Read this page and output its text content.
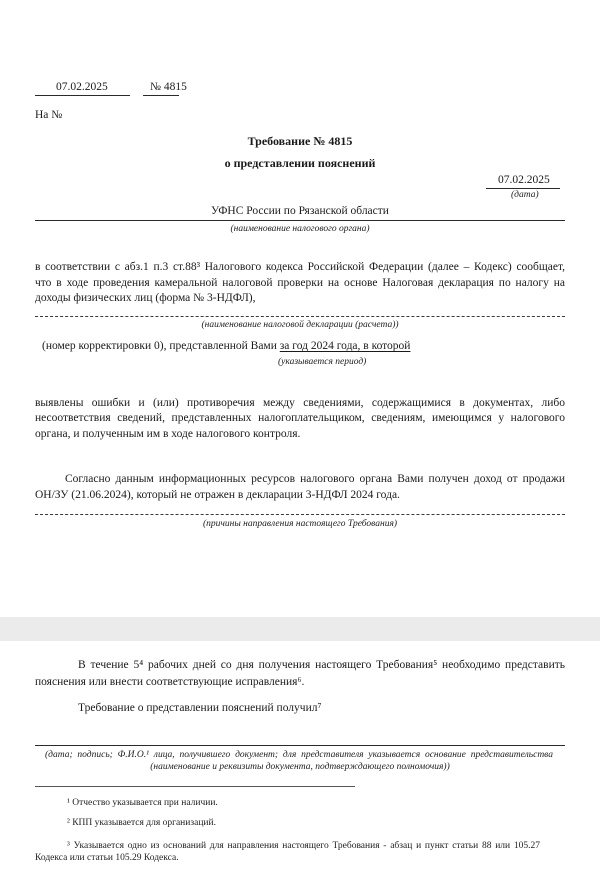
07.02.2025	№ 4815
На №
Требование № 4815
о представлении пояснений
07.02.2025
(дата)
УФНС России по Рязанской области
(наименование налогового органа)
в соответствии с абз.1 п.3 ст.88³ Налогового кодекса Российской Федерации (далее – Кодекс) сообщает,
что в ходе проведения камеральной налоговой проверки на основе Налоговая декларация по налогу на
доходы физических лиц (форма № 3-НДФЛ),
(наименование налоговой декларации (расчета))
(номер корректировки 0), представленной Вами за год 2024 года, в которой
(указывается период)
выявлены ошибки и (или) противоречия между сведениями, содержащимися в документах, либо
несоответствия сведений, представленных налогоплательщиком, сведениям, имеющимся у налогового
органа, и полученным им в ходе налогового контроля.
Согласно данным информационных ресурсов налогового органа Вами получен доход от продажи
ОН/ЗУ (21.06.2024), который не отражен в декларации 3-НДФЛ 2024 года.
(причины направления настоящего Требования)
В течение 5⁴ рабочих дней со дня получения настоящего Требования⁵ необходимо представить
пояснения или внести соответствующие исправления⁶.
Требование о представлении пояснений получил⁷
(дата; подпись; Ф.И.О.¹ лица, получившего документ; для представителя указывается основание представительства
(наименование и реквизиты документа, подтверждающего полномочия))
¹ Отчество указывается при наличии.
² КПП указывается для организаций.
³ Указывается одно из оснований для направления настоящего Требования - абзац и пункт статьи 88 или 105.27
Кодекса или статьи 105.29 Кодекса.
